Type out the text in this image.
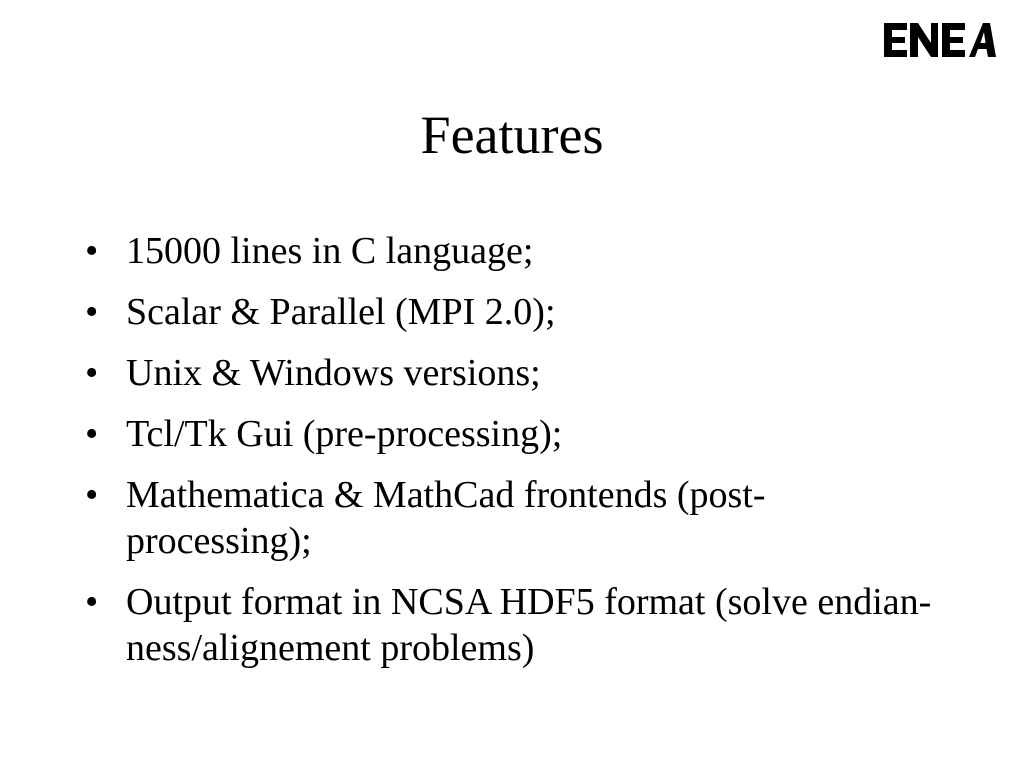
Features
• 15000 lines in C language;
• Scalar & Parallel (MPI 2.0);
• Unix & Windows versions;
• Tcl/Tk Gui (pre-processing);
• Mathematica & MathCad frontends (post-processing);
• Output format in NCSA HDF5 format (solve endian-ness/alignement problems)
